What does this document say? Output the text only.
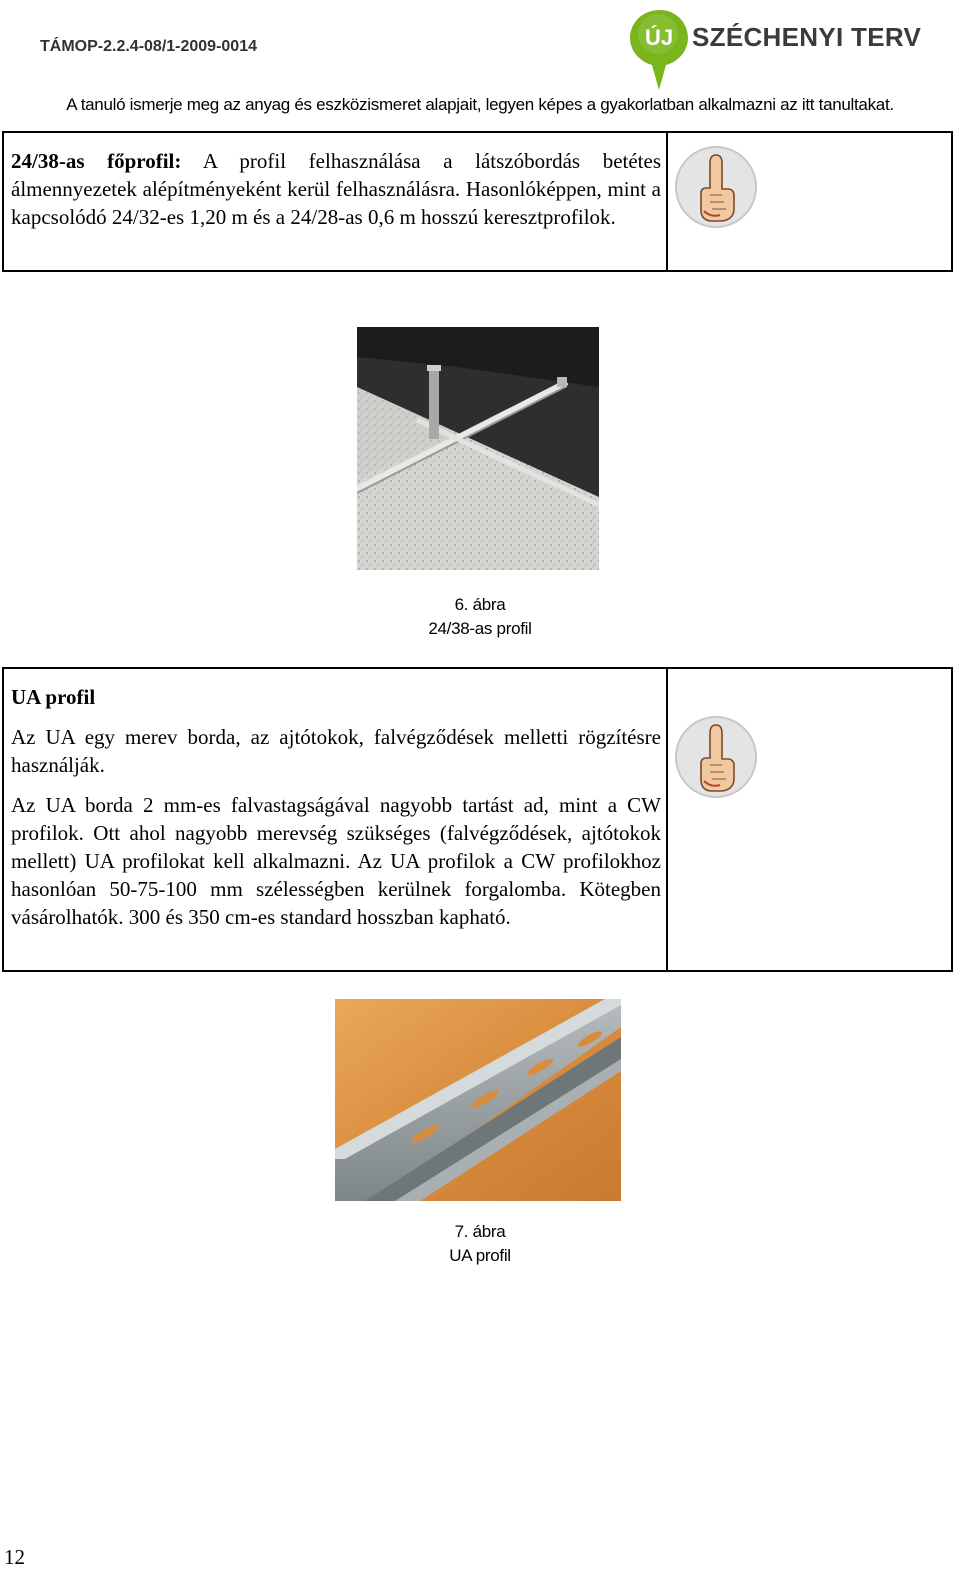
TÁMOP-2.2.4-08/1-2009-0014	ÚJ SZÉCHENYI TERV
A tanuló ismerje meg az anyag és eszközismeret alapjait, legyen képes a gyakorlatban alkalmazni az itt tanultakat.

24/38-as főprofil: A profil felhasználása a látszóbordás betétes álmennyezetek alépítményeként kerül felhasználásra. Hasonlóképpen, mint a kapcsolódó 24/32-es 1,20 m és a 24/28-as 0,6 m hosszú keresztprofilok.

6. ábra
24/38-as profil

UA profil

Az UA egy merev borda, az ajtótokok, falvégződések melletti rögzítésre használják.

Az UA borda 2 mm-es falvastagságával nagyobb tartást ad, mint a CW profilok. Ott ahol nagyobb merevség szükséges (falvégződések, ajtótokok mellett) UA profilokat kell alkalmazni. Az UA profilok a CW profilokhoz hasonlóan 50-75-100 mm szélességben kerülnek forgalomba. Kötegben vásárolhatók. 300 és 350 cm-es standard hosszban kapható.

7. ábra
UA profil
12
